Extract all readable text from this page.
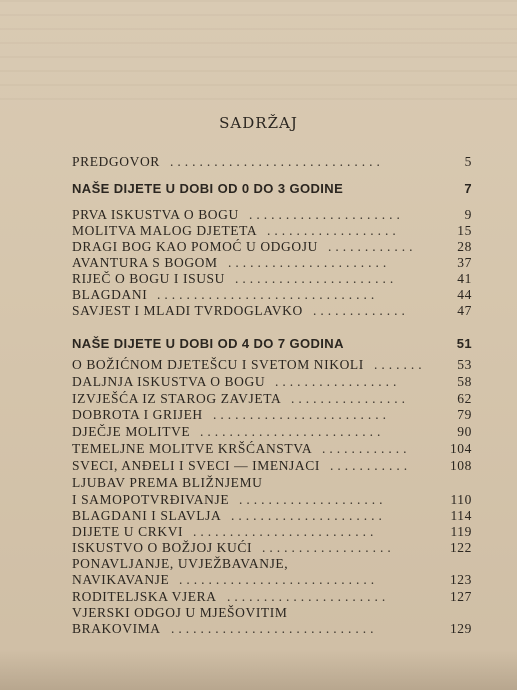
SADRŽAJ
PREDGOVOR	5
.............................
NAŠE DIJETE U DOBI OD 0 DO 3 GODINE	7
PRVA ISKUSTVA O BOGU	9
.....................
MOLITVA MALOG DJETETA	15
..................
DRAGI BOG KAO POMOĆ U ODGOJU	28
............
AVANTURA S BOGOM	37
......................
RIJEČ O BOGU I ISUSU	41
......................
BLAGDANI	44
..............................
SAVJEST I MLADI TVRDOGLAVKO	47
.............
NAŠE DIJETE U DOBI OD 4 DO 7 GODINA	51
O BOŽIĆNOM DJETEŠCU I SVETOM NIKOLI	53
.......
DALJNJA ISKUSTVA O BOGU	58
.................
IZVJEŠĆA IZ STAROG ZAVJETA	62
................
DOBROTA I GRIJEH	79
........................
DJEČJE MOLITVE	90
.........................
TEMELJNE MOLITVE KRŠĆANSTVA	104
............
SVECI, ANĐELI I SVECI — IMENJACI	108
...........
LJUBAV PREMA BLIŽNJEMU
I SAMOPOTVRĐIVANJE	110
....................
BLAGDANI I SLAVLJA	114
.....................
DIJETE U CRKVI	119
.........................
ISKUSTVO O BOŽJOJ KUĆI	122
..................
PONAVLJANJE, UVJEŽBAVANJE,
NAVIKAVANJE	123
...........................
RODITELJSKA VJERA	127
......................
VJERSKI ODGOJ U MJEŠOVITIM
BRAKOVIMA	129
............................
